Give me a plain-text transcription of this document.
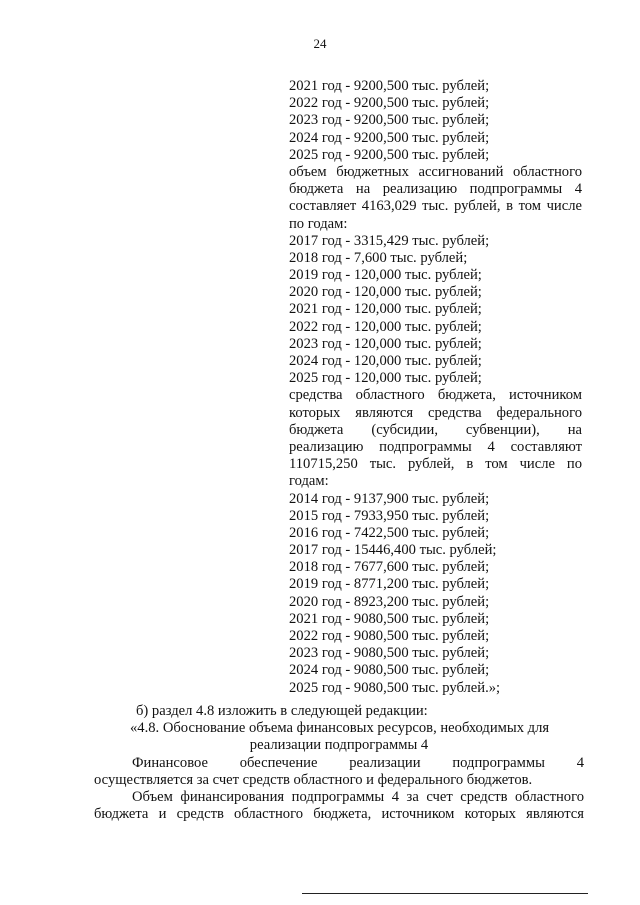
24
2021 год - 9200,500 тыс. рублей;
2022 год - 9200,500 тыс. рублей;
2023 год - 9200,500 тыс. рублей;
2024 год - 9200,500 тыс. рублей;
2025 год - 9200,500 тыс. рублей;
объем бюджетных ассигнований областного
бюджета на реализацию подпрограммы 4
составляет 4163,029 тыс. рублей, в том числе
по годам:
2017 год - 3315,429 тыс. рублей;
2018 год - 7,600 тыс. рублей;
2019 год - 120,000 тыс. рублей;
2020 год - 120,000 тыс. рублей;
2021 год - 120,000 тыс. рублей;
2022 год - 120,000 тыс. рублей;
2023 год - 120,000 тыс. рублей;
2024 год - 120,000 тыс. рублей;
2025 год - 120,000 тыс. рублей;
средства областного бюджета, источником
которых являются средства федерального
бюджета (субсидии, субвенции), на
реализацию подпрограммы 4 составляют
110715,250 тыс. рублей, в том числе по
годам:
2014 год - 9137,900 тыс. рублей;
2015 год - 7933,950 тыс. рублей;
2016 год - 7422,500 тыс. рублей;
2017 год - 15446,400 тыс. рублей;
2018 год - 7677,600 тыс. рублей;
2019 год - 8771,200 тыс. рублей;
2020 год - 8923,200 тыс. рублей;
2021 год - 9080,500 тыс. рублей;
2022 год - 9080,500 тыс. рублей;
2023 год - 9080,500 тыс. рублей;
2024 год - 9080,500 тыс. рублей;
2025 год - 9080,500 тыс. рублей.»;
б) раздел 4.8 изложить в следующей редакции:
«4.8. Обоснование объема финансовых ресурсов, необходимых для
реализации подпрограммы 4
Финансовое обеспечение реализации подпрограммы 4
осуществляется за счет средств областного и федерального бюджетов.
Объем финансирования подпрограммы 4 за счет средств областного
бюджета и средств областного бюджета, источником которых являются
